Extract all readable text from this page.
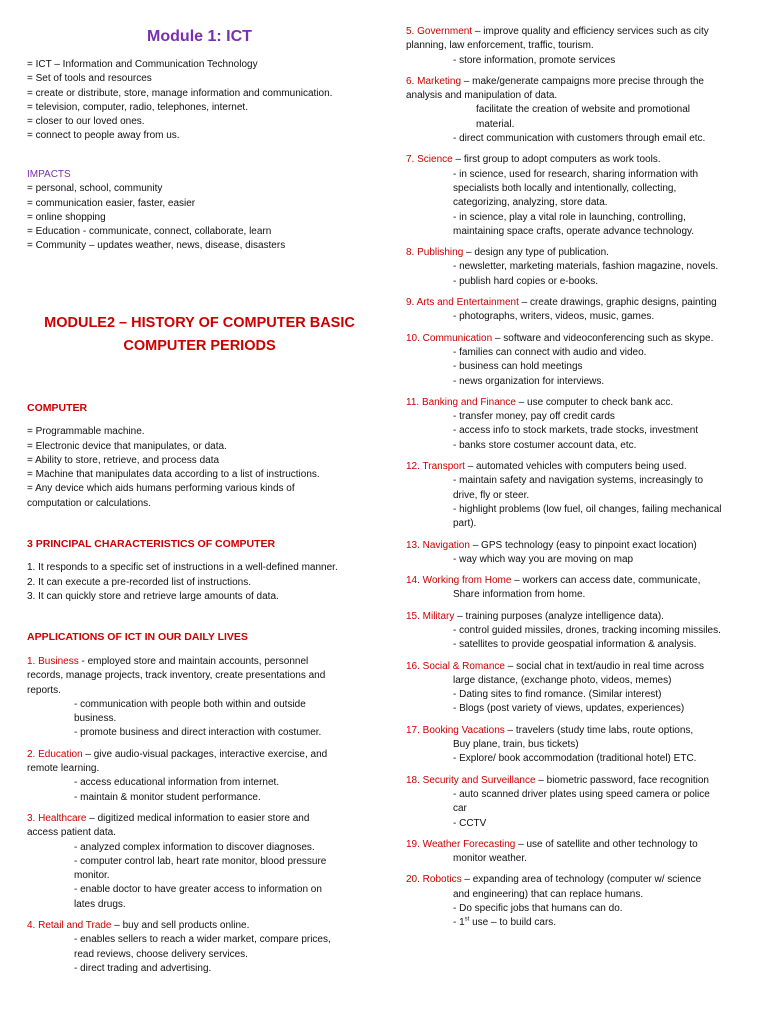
Module 1: ICT

= ICT – Information and Communication Technology

= Set of tools and resources

= create or distribute, store, manage information and communication.

= television, computer, radio, telephones, internet.

= closer to our loved ones.

= connect to people away from us.

IMPACTS

= personal, school, community

= communication easier, faster, easier

= online shopping

= Education - communicate, connect, collaborate, learn

= Community – updates weather, news, disease, disasters

MODULE2 – HISTORY OF COMPUTER BASIC
COMPUTER PERIODS

COMPUTER

= Programmable machine.

= Electronic device that manipulates, or data.

= Ability to store, retrieve, and process data

= Machine that manipulates data according to a list of instructions.

= Any device which aids humans performing various kinds of

computation or calculations.

3 PRINCIPAL CHARACTERISTICS OF COMPUTER

1. It responds to a specific set of instructions in a well-defined manner.

2. It can execute a pre-recorded list of instructions.

3. It can quickly store and retrieve large amounts of data.

APPLICATIONS OF ICT IN OUR DAILY LIVES

1. Business - employed store and maintain accounts, personnel

records, manage projects, track inventory, create presentations and

reports.

- communication with people both within and outside

business.

- promote business and direct interaction with costumer.

2. Education – give audio-visual packages, interactive exercise, and

remote learning.

- access educational information from internet.

- maintain & monitor student performance.

3. Healthcare – digitized medical information to easier store and

access patient data.

- analyzed complex information to discover diagnoses.

- computer control lab, heart rate monitor, blood pressure

monitor.

- enable doctor to have greater access to information on

lates drugs.

4. Retail and Trade – buy and sell products online.

- enables sellers to reach a wider market, compare prices,

read reviews, choose delivery services.

- direct trading and advertising.

5. Government – improve quality and efficiency services such as city

planning, law enforcement, traffic, tourism.

- store information, promote services

6. Marketing – make/generate campaigns more precise through the

analysis and manipulation of data.

facilitate the creation of website and promotional

material.

- direct communication with customers through email etc.

7. Science – first group to adopt computers as work tools.

- in science, used for research, sharing information with

specialists both locally and intentionally, collecting,

categorizing, analyzing, store data.

- in science, play a vital role in launching, controlling,

maintaining space crafts, operate advance technology.

8. Publishing – design any type of publication.

- newsletter, marketing materials, fashion magazine, novels.

- publish hard copies or e-books.

9. Arts and Entertainment – create drawings, graphic designs, painting

- photographs, writers, videos, music, games.

10. Communication – software and videoconferencing such as skype.

- families can connect with audio and video.

- business can hold meetings

- news organization for interviews.

11. Banking and Finance – use computer to check bank acc.

- transfer money, pay off credit cards

- access info to stock markets, trade stocks, investment

- banks store costumer account data, etc.

12. Transport – automated vehicles with computers being used.

- maintain safety and navigation systems, increasingly to

drive, fly or steer.

- highlight problems (low fuel, oil changes, failing mechanical

part).

13. Navigation – GPS technology (easy to pinpoint exact location)

- way which way you are moving on map

14. Working from Home – workers can access date, communicate,

Share information from home.

15. Military – training purposes (analyze intelligence data).

- control guided missiles, drones, tracking incoming missiles.

- satellites to provide geospatial information & analysis.

16. Social & Romance – social chat in text/audio in real time across

large distance, (exchange photo, videos, memes)

- Dating sites to find romance. (Similar interest)

- Blogs (post variety of views, updates, experiences)

17. Booking Vacations – travelers (study time labs, route options,

Buy plane, train, bus tickets)

- Explore/ book accommodation (traditional hotel) ETC.

18. Security and Surveillance – biometric password, face recognition

- auto scanned driver plates using speed camera or police

car

- CCTV

19. Weather Forecasting – use of satellite and other technology to

monitor weather.

20. Robotics – expanding area of technology (computer w/ science

and engineering) that can replace humans.

- Do specific jobs that humans can do.

- 1st use – to build cars.
